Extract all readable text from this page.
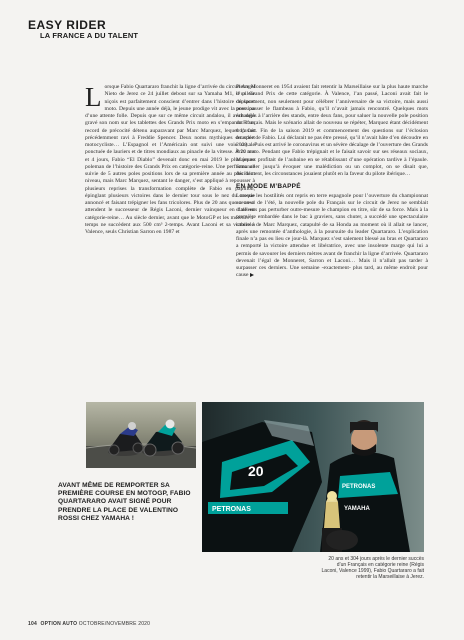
EASY RIDER
LA FRANCE A DU TALENT
Lorsque Fabio Quartararo franchit la ligne d’arrivée du circuit Angel Nieto de Jerez ce 24 juillet debout sur sa Yamaha M1, le pilote niçois est parfaitement conscient d’entrer dans l’histoire du sport moto. Depuis une année déjà, le jeune prodige vit avec la pression d’une attente folle. Depuis que sur ce même circuit andalou, il avait déjà gravé son nom sur les tablettes des Grands Prix moto en s’emparant d’un record de précocité détenu auparavant par Marc Marquez, lequel l’avait précédemment ravi à Freddie Spencer. Deux noms mythiques du sport motocycliste… L’Espagnol et l’Américain ont suivi une voie royale ponctuée de lauriers et de titres mondiaux au pinacle de la vitesse. À 20 ans et 4 jours, Fabio “El Diablo” devenait donc en mai 2019 le plus jeune poleman de l’histoire des Grands Prix en catégorie-reine. Une performance suivie de 5 autres poles positions lors de sa première année au plus haut niveau, mais Marc Marquez, sentant le danger, s’est appliqué à repousser à plusieurs reprises la transformation complète de Fabio en papillon, épinglant plusieurs victoires dans le dernier tour sous le nez du messie annoncé et faisant trépigner les fans tricolores. Plus de 20 ans que ceux-ci attendent le successeur de Régis Laconi, dernier vainqueur en date en catégorie-reine… Au siècle dernier, avant que le MotoGP et les moteurs 4-temps ne succèdent aux 500 cm³ 2-temps. Avant Laconi et sa victoire à Valence, seuls Christian Sarron en 1987 et

Pierre Monneret en 1954 avaient fait retentir la Marseillaise sur la plus haute marche d’un Grand Prix de cette catégorie. À Valence, l’an passé, Laconi avait fait le déplacement, non seulement pour célébrer l’anniversaire de sa victoire, mais aussi pour passer le flambeau à Fabio, qu’il n’avait jamais rencontré. Quelques mots échangés à l’arrière des stands, entre deux fans, pour saluer la nouvelle pole position du Français. Mais le scénario allait de nouveau se répéter, Marquez étant décidément trop fort. Fin de la saison 2019 et commencement des questions sur l’éclosion retardée de Fabio. Lui déclarait ne pas être pressé, qu’il n’avait hâte d’en découdre en 2020… Puis est arrivé le coronavirus et un sévère décalage de l’ouverture des Grands Prix moto. Pendant que Fabio trépignait et le faisait savoir sur ses réseaux sociaux, Marquez profitait de l’aubaine en se rétablissant d’une opération tardive à l’épaule. Sans aller jusqu’à évoquer une malédiction ou un complot, on se disait que, décidément, les circonstances jouaient plutôt en la faveur du pilote ibérique…

EN MODE M’BAPPÉ

Lorsque les hostilités ont repris en terre espagnole pour l’ouverture du championnat au cœur de l’été, la nouvelle pole du Français sur le circuit de Jerez ne semblait d’ailleurs pas perturber outre-mesure le champion en titre, sûr de sa force. Mais à la première embardée dans le bac à graviers, sans chuter, a succédé une spectaculaire cabriole de Marc Marquez, catapulté de sa Honda au moment où il allait se lancer, après une remontée d’anthologie, à la poursuite du leader Quartararo. L’explication finale n’a pas eu lieu ce jour-là. Marquez s’est salement blessé au bras et Quartararo a remporté la victoire attendue et libératrice, avec une insolente marge qui lui a permis de savourer les derniers mètres avant de franchir la ligne d’arrivée. Quartararo devenait l’égal de Monneret, Sarron et Laconi… Mais il n’allait pas tarder à surpasser ces derniers. Une semaine -exactement- plus tard, au même endroit pour cause

20
PETRONAS
PETRONAS
YAMAHA
AVANT MÊME DE REMPORTER SA PREMIÈRE COURSE EN MOTOGP, FABIO QUARTARARO AVAIT SIGNÉ POUR PRENDRE LA PLACE DE VALENTINO ROSSI CHEZ YAMAHA !
20 ans et 304 jours après le dernier succès d’un Français en catégorie reine (Régis Laconi, Valence 1999), Fabio Quartararo a fait retentir la Marseillaise à Jerez.
104 OPTION AUTO OCTOBRE/NOVEMBRE 2020
